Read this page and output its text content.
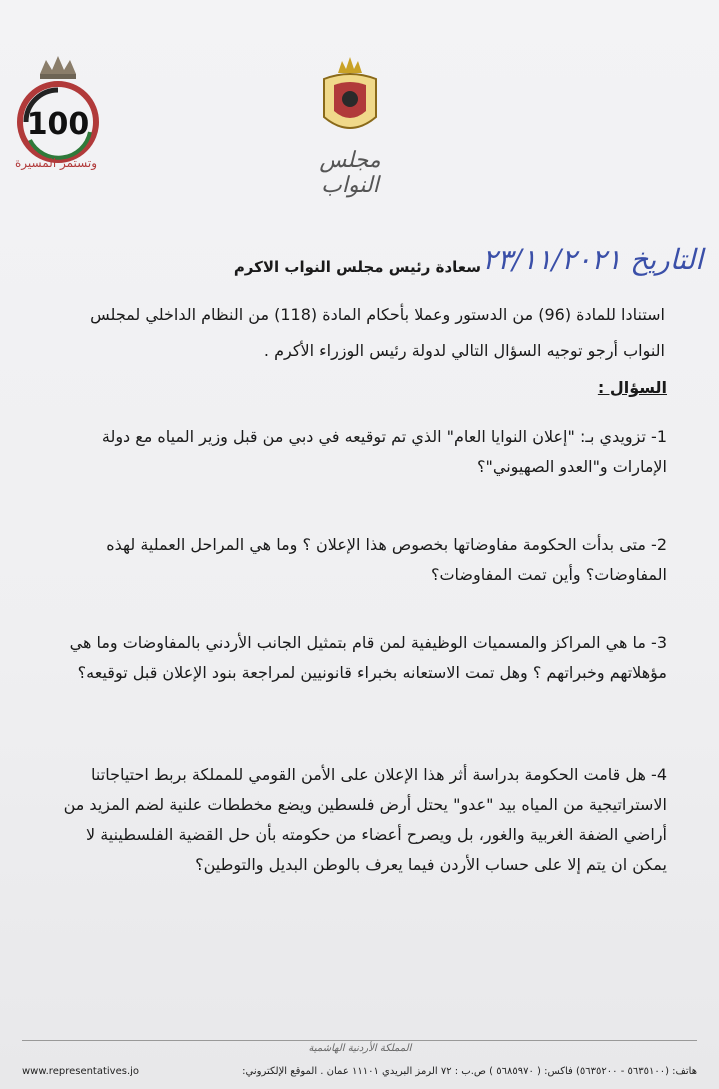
100
وتستمر المسيرة	مجلس النواب
التاريخ ٢٣/١١/٢٠٢١
سعادة رئيس مجلس النواب الاكرم
استنادا للمادة (96) من الدستور وعملا بأحكام المادة (118) من النظام الداخلي لمجلس النواب أرجو توجيه السؤال التالي لدولة رئيس الوزراء الأكرم .
السؤال :
1- تزويدي بـ: "إعلان النوايا العام" الذي تم توقيعه في دبي من قبل وزير المياه مع دولة الإمارات و"العدو الصهيوني"؟
2- متى بدأت الحكومة مفاوضاتها بخصوص هذا الإعلان ؟ وما هي المراحل العملية لهذه المفاوضات؟ وأين تمت المفاوضات؟
3- ما هي المراكز والمسميات الوظيفية لمن قام بتمثيل الجانب الأردني بالمفاوضات وما هي مؤهلاتهم وخبراتهم ؟ وهل تمت الاستعانه بخبراء قانونيين لمراجعة بنود الإعلان قبل توقيعه؟
4- هل قامت الحكومة بدراسة أثر هذا الإعلان على الأمن القومي للمملكة بربط احتياجاتنا الاستراتيجية من المياه بيد "عدو" يحتل أرض فلسطين ويضع مخططات علنية لضم المزيد من أراضي الضفة الغربية والغور، بل ويصرح أعضاء من حكومته بأن حل القضية الفلسطينية لا يمكن ان يتم إلا على حساب الأردن فيما يعرف بالوطن البديل والتوطين؟
المملكة الأردنية الهاشمية
هاتف: (٥٦٣٥١٠٠ - ٥٦٣٥٢٠٠) فاكس: ( ٥٦٨٥٩٧٠ ) ص.ب : ٧٢ الرمز البريدي ١١١٠١ عمان . الموقع الإلكتروني:
www.representatives.jo
